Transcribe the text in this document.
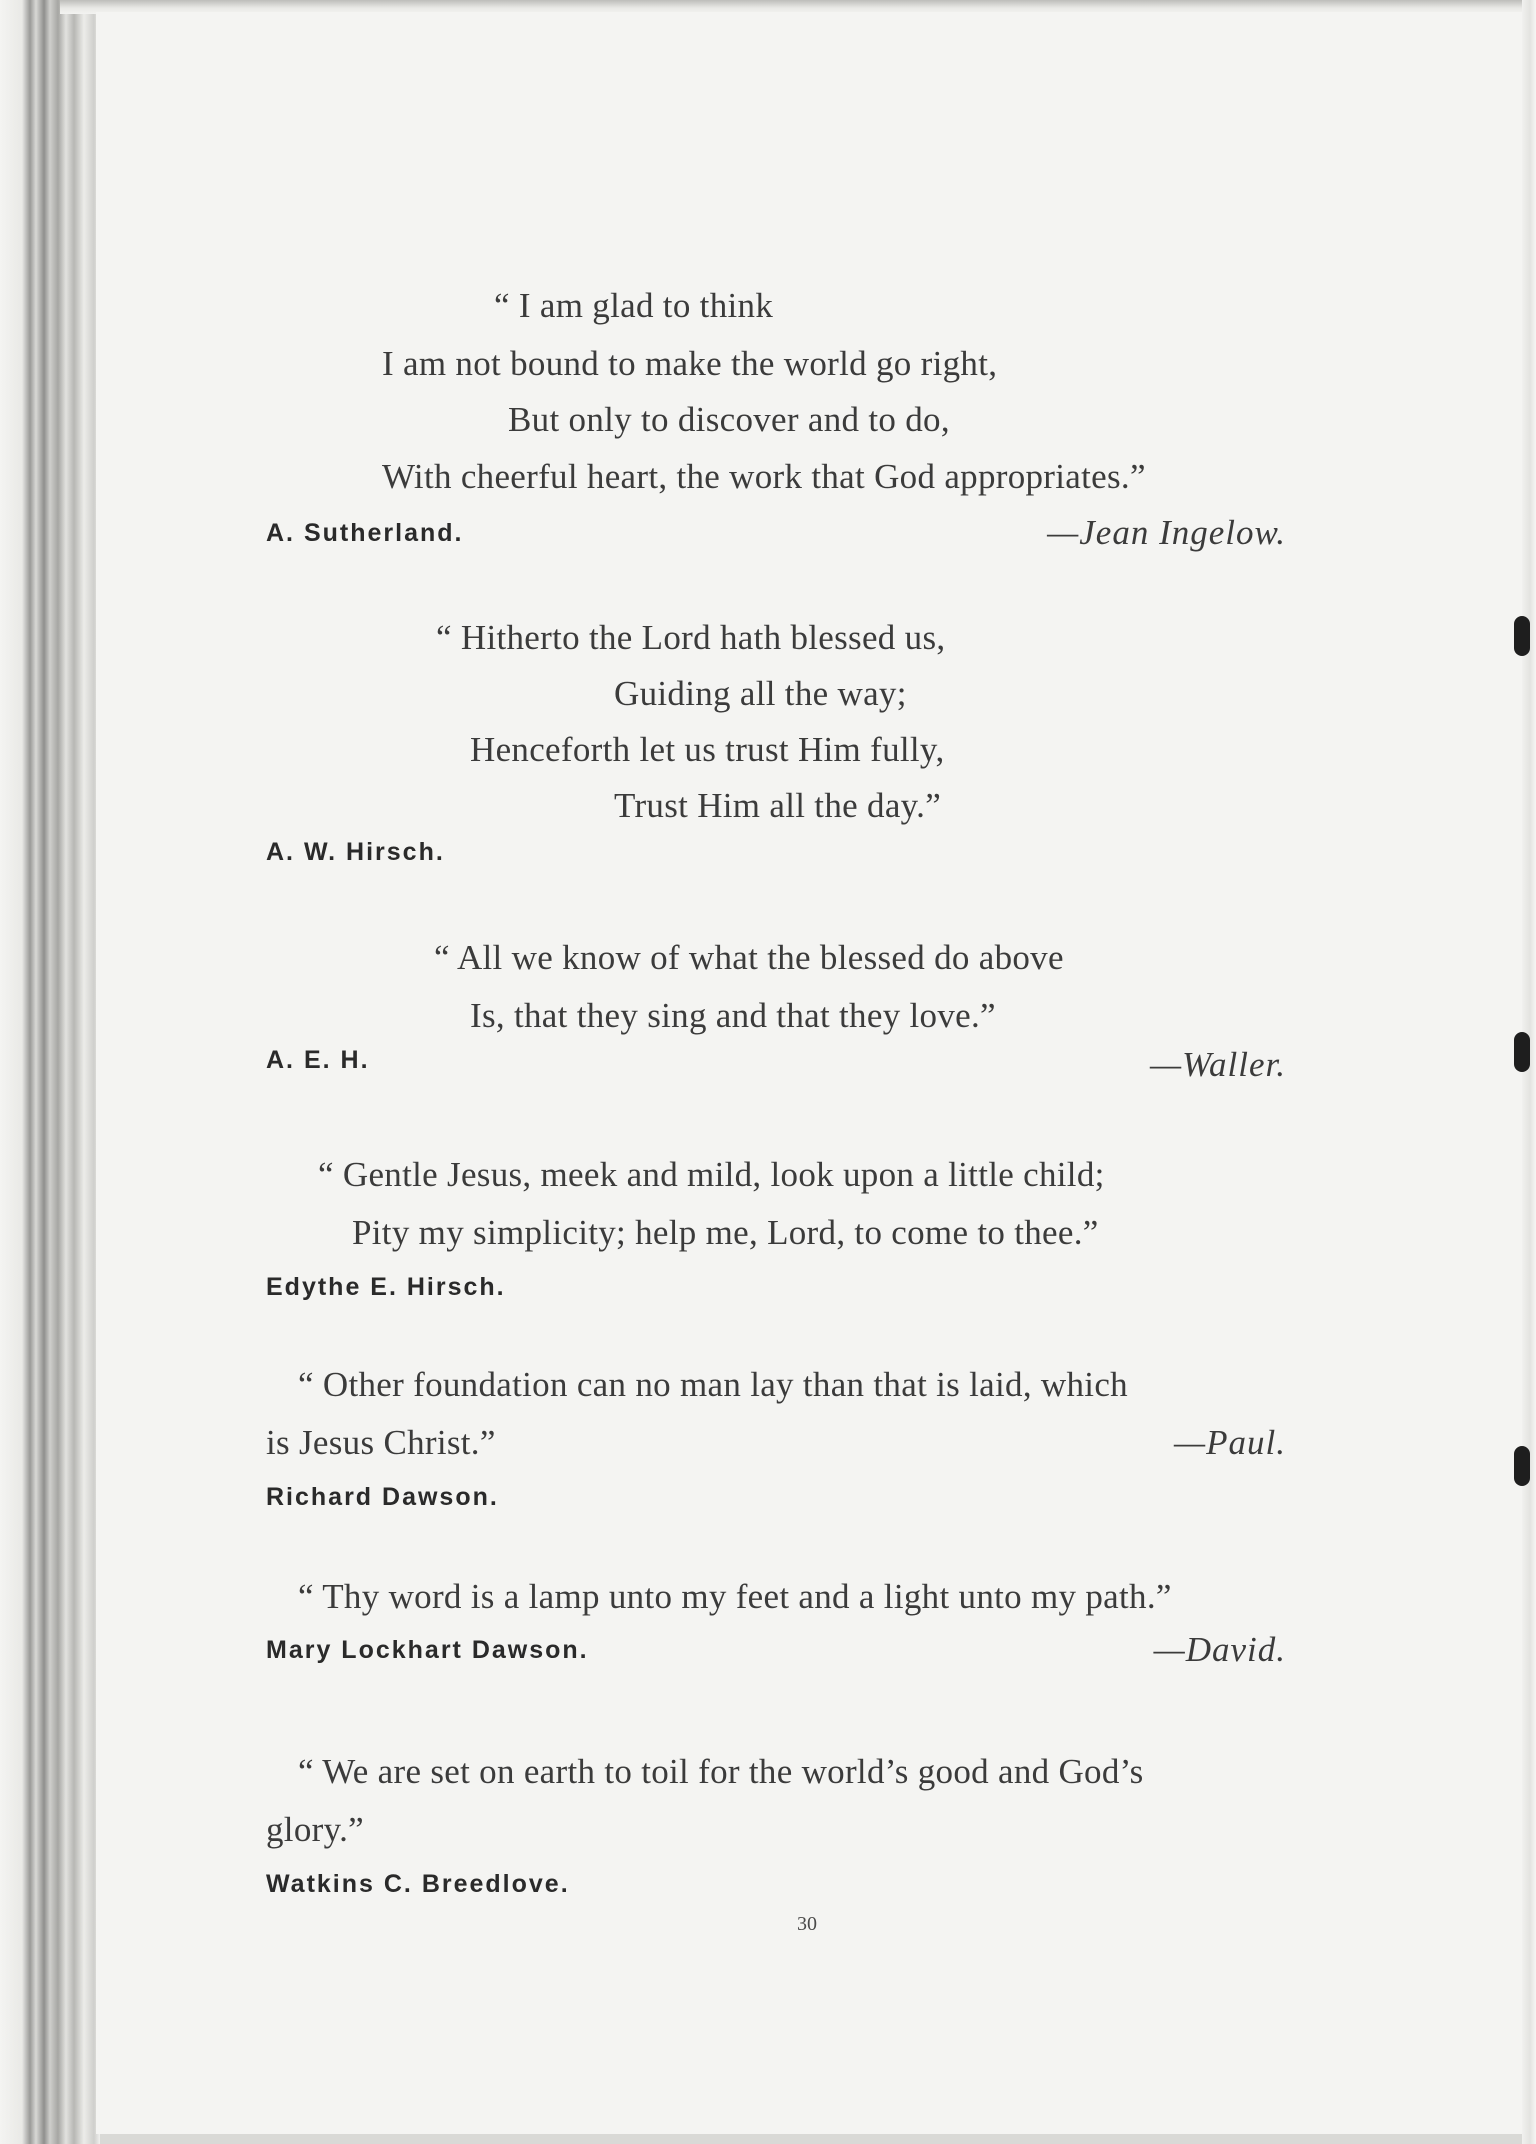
“ I am glad to think
I am not bound to make the world go right,
But only to discover and to do,
With cheerful heart, the work that God appropriates.”
A. Sutherland.	—Jean Ingelow.
“ Hitherto the Lord hath blessed us,
Guiding all the way;
Henceforth let us trust Him fully,
Trust Him all the day.”
A. W. Hirsch.
“ All we know of what the blessed do above
Is, that they sing and that they love.”
A. E. H.	—Waller.
“ Gentle Jesus, meek and mild, look upon a little child;
Pity my simplicity; help me, Lord, to come to thee.”
Edythe E. Hirsch.
“ Other foundation can no man lay than that is laid, which
is Jesus Christ.”
Richard Dawson.
—Paul.
“ Thy word is a lamp unto my feet and a light unto my path.”
Mary Lockhart Dawson.	—David.
“ We are set on earth to toil for the world’s good and God’s
glory.”
Watkins C. Breedlove.
30
